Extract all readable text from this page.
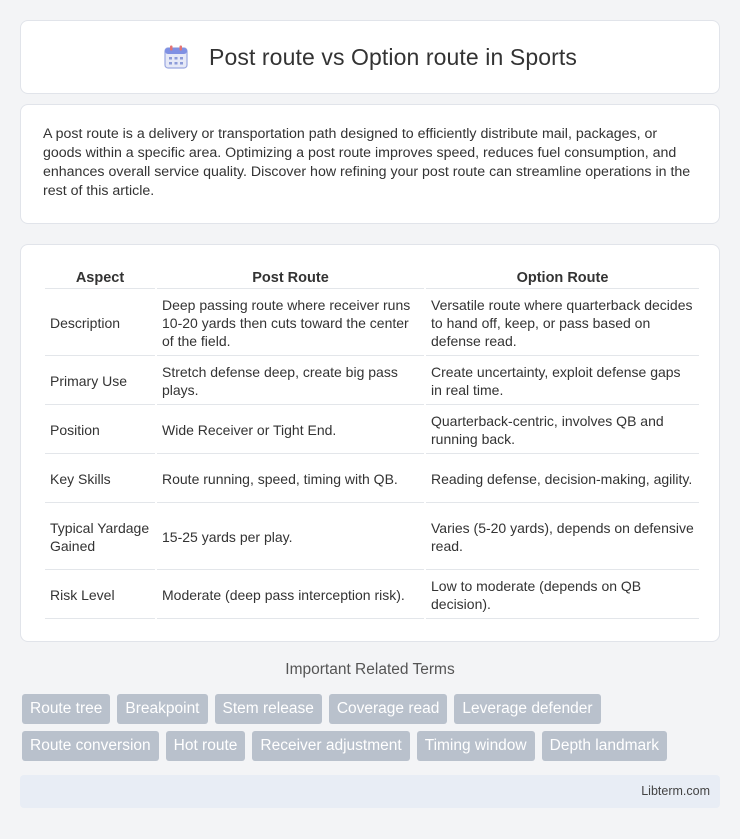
Post route vs Option route in Sports

A post route is a delivery or transportation path designed to efficiently distribute mail, packages, or goods within a specific area. Optimizing a post route improves speed, reduces fuel consumption, and enhances overall service quality. Discover how refining your post route can streamline operations in the rest of this article.

Aspect	Post Route	Option Route
Description	Deep passing route where receiver runs 10-20 yards then cuts toward the center of the field.	Versatile route where quarterback decides to hand off, keep, or pass based on defense read.
Primary Use	Stretch defense deep, create big pass plays.	Create uncertainty, exploit defense gaps in real time.
Position	Wide Receiver or Tight End.	Quarterback-centric, involves QB and running back.
Key Skills	Route running, speed, timing with QB.	Reading defense, decision-making, agility.
Typical Yardage Gained	15-25 yards per play.	Varies (5-20 yards), depends on defensive read.
Risk Level	Moderate (deep pass interception risk).	Low to moderate (depends on QB decision).
Important Related Terms
Route tree	Breakpoint	Stem release	Coverage read	Leverage defender
Route conversion	Hot route	Receiver adjustment	Timing window	Depth landmark
Libterm.com
